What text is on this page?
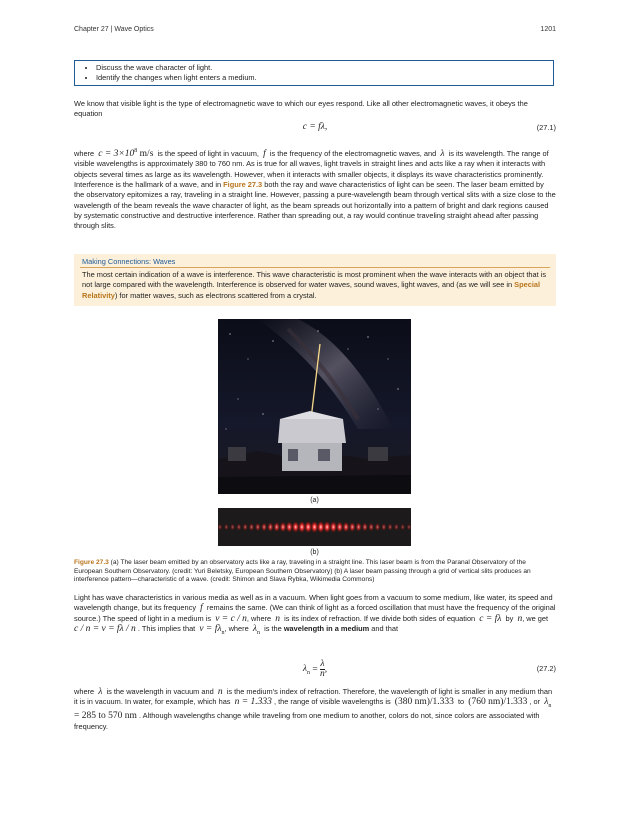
Chapter 27 | Wave Optics	1201
• Discuss the wave character of light.
• Identify the changes when light enters a medium.
We know that visible light is the type of electromagnetic wave to which our eyes respond. Like all other electromagnetic waves, it obeys the equation
c = fλ,	(27.1)
where $c = 3\times 10^8$ m/s is the speed of light in vacuum, f is the frequency of the electromagnetic waves, and λ is its wavelength. The range of visible wavelengths is approximately 380 to 760 nm. As is true for all waves, light travels in straight lines and acts like a ray when it interacts with objects several times as large as its wavelength. However, when it interacts with smaller objects, it displays its wave characteristics prominently. Interference is the hallmark of a wave, and in Figure 27.3 both the ray and wave characteristics of light can be seen. The laser beam emitted by the observatory epitomizes a ray, traveling in a straight line. However, passing a pure-wavelength beam through vertical slits with a size close to the wavelength of the beam reveals the wave character of light, as the beam spreads out horizontally into a pattern of bright and dark regions caused by systematic constructive and destructive interference. Rather than spreading out, a ray would continue traveling straight ahead after passing through slits.
Making Connections: Waves
The most certain indication of a wave is interference. This wave characteristic is most prominent when the wave interacts with an object that is not large compared with the wavelength. Interference is observed for water waves, sound waves, light waves, and (as we will see in Special Relativity) for matter waves, such as electrons scattered from a crystal.
(a)
(b)
Figure 27.3 (a) The laser beam emitted by an observatory acts like a ray, traveling in a straight line. This laser beam is from the Paranal Observatory of the European Southern Observatory. (credit: Yuri Beletsky, European Southern Observatory) (b) A laser beam passing through a grid of vertical slits produces an interference pattern—characteristic of a wave. (credit: Shimon and Slava Rybka, Wikimedia Commons)
Light has wave characteristics in various media as well as in a vacuum. When light goes from a vacuum to some medium, like water, its speed and wavelength change, but its frequency f remains the same. (We can think of light as a forced oscillation that must have the frequency of the original source.) The speed of light in a medium is v = c / n, where n is its index of refraction. If we divide both sides of equation c = fλ by n, we get  c / n = v = fλ / n . This implies that $v = f\lambda_n$, where $\lambda_n$ is the wavelength in a medium and that
$\lambda_n = \frac{\lambda}{n}$ ,	(27.2)
where λ is the wavelength in vacuum and n is the medium's index of refraction. Therefore, the wavelength of light is smaller in any medium than it is in vacuum. In water, for example, which has n = 1.333 , the range of visible wavelengths is (380 nm)/1.333 to (760 nm)/1.333 , or $\lambda_n = 285$ to 570 nm . Although wavelengths change while traveling from one medium to another, colors do not, since colors are associated with frequency.
